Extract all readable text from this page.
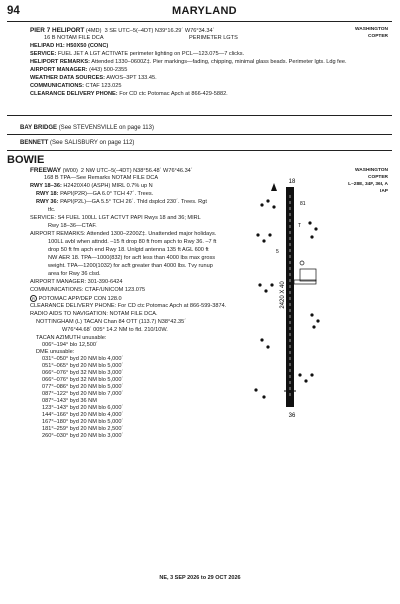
94	MARYLAND
PIER 7 HELIPORT (4MD) 3 SE UTC–5(–4DT) N39°16.29´ W76°34.34´	WASHINGTON
COPTER
16 B NOTAM FILE DCA	PERIMETER LGTS
HELIPAD H1: H50X50 (CONC)
SERVICE: FUEL JET A LGT ACTIVATE perimeter lighting on PCL—123.075—7 clicks.
HELIPORT REMARKS: Attended 1330–0600Z‡. Pier markings—fading, chipping, minimal glass beads. Perimeter lgts. Ldg fee.
AIRPORT MANAGER: (443) 500-2355
WEATHER DATA SOURCES: AWOS–3PT 133.45.
COMMUNICATIONS: CTAF 123.025
CLEARANCE DELIVERY PHONE: For CD ctc Potomac Apch at 866-429-5882.
BAY BRIDGE (See STEVENSVILLE on page 113)
BENNETT (See SALISBURY on page 112)
BOWIE
FREEWAY (W00) 2 NW UTC–5(–4DT) N38°56.48´ W76°46.34´	WASHINGTON
COPTER
L–28E, 34F, 36I, A
IAP
168 B TPA—See Remarks NOTAM FILE DCA
RWY 18–36: H2420X40 (ASPH) MIRL 0.7% up N
RWY 18: PAPI(P2R)—GA 6.0° TCH 47´. Trees.
RWY 36: PAPI(P2L)—GA 5.5° TCH 26´. Thld dsplcd 230´. Trees. Rgt
tfc.
SERVICE: S4 FUEL 100LL LGT ACTVT PAPI Rwys 18 and 36; MIRL
Rwy 18–36—CTAF.
AIRPORT REMARKS: Attended 1300–2200Z‡. Unattended major holidays.
100LL avbl when attndd. –15 ft drop 80 ft from apch to Rwy 36. –7 ft
drop 50 ft fm apch end Rwy 18. Unlgtd antenna 135 ft AGL 600 ft
NW AER 18. TPA—1000(832) for acft less than 4000 lbs max gross
weight. TPA—1200(1032) for acft greater than 4000 lbs. Tvy runup
area for Rwy 36 clsd.
AIRPORT MANAGER: 301-390-6424
COMMUNICATIONS: CTAF/UNICOM 123.075
R POTOMAC APP/DEP CON 128.0
CLEARANCE DELIVERY PHONE: For CD ctc Potomac Apch at 866-599-3874.
RADIO AIDS TO NAVIGATION: NOTAM FILE DCA.
NOTTINGHAM (L) TACAN Chan 84 OTT (113.7) N38°42.35´
W76°44.68´ 005° 14.2 NM to fld. 210/10W.
TACAN AZIMUTH unusable:
006°–194° blo 12,500´
DME unusable:
031°–050° byd 20 NM blo 4,000´
051°–065° byd 20 NM blo 5,000´
066°–076° byd 32 NM blo 3,000´
066°–076° byd 32 NM blo 5,000´
077°–086° byd 20 NM blo 5,000´
087°–122° byd 20 NM blo 7,000´
087°–143° byd 36 NM
123°–143° byd 20 NM blo 6,000´
144°–166° byd 20 NM blo 4,000´
167°–180° byd 20 NM blo 5,000´
181°–259° byd 20 NM blo 2,500´
260°–030° byd 20 NM blo 3,000´
18
36
2420 X 40
5
T
81
NE, 3 SEP 2026 to 29 OCT 2026
